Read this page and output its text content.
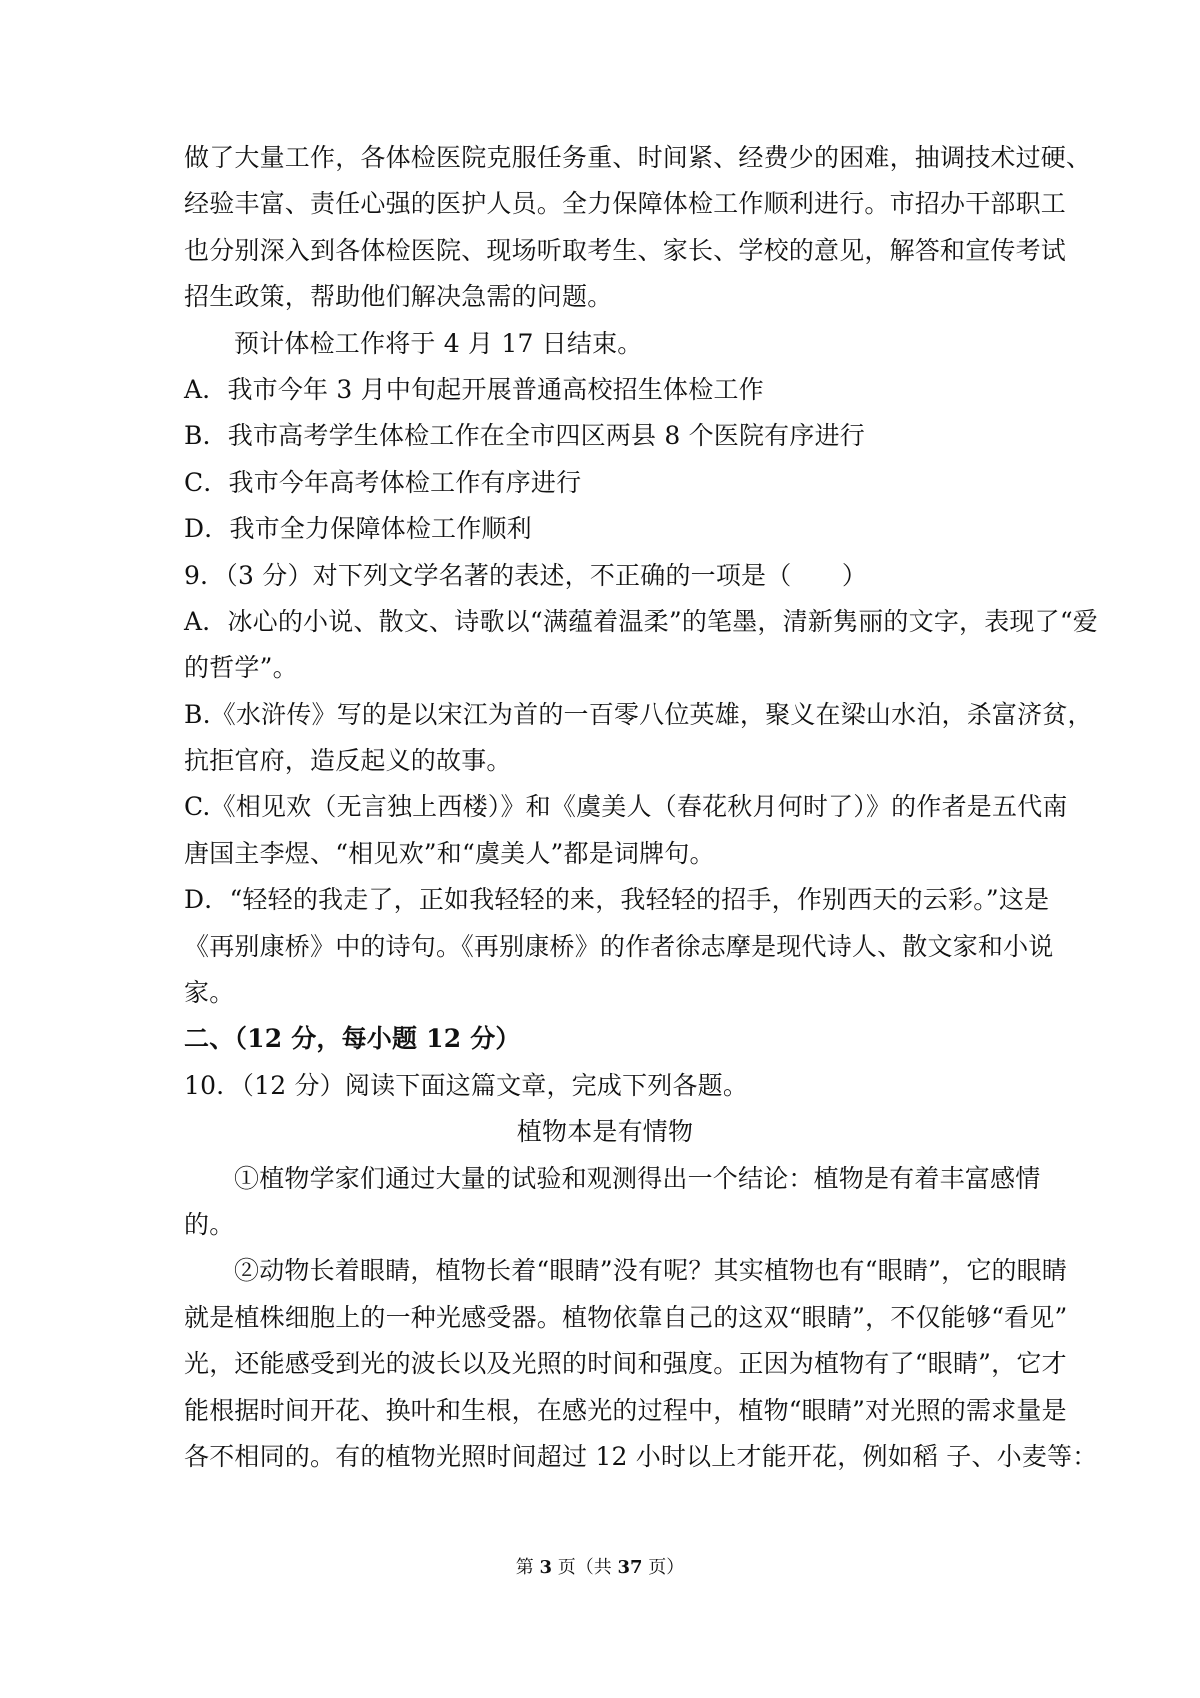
做了大量工作，各体检医院克服任务重、时间紧、经费少的困难，抽调技术过硬、
经验丰富、责任心强的医护人员。全力保障体检工作顺利进行。市招办干部职工
也分别深入到各体检医院、现场听取考生、家长、学校的意见，解答和宣传考试
招生政策，帮助他们解决急需的问题。
预计体检工作将于 4 月 17 日结束。
A．我市今年 3 月中旬起开展普通高校招生体检工作
B．我市高考学生体检工作在全市四区两县 8 个医院有序进行
C．我市今年高考体检工作有序进行
D．我市全力保障体检工作顺利
9．（3 分）对下列文学名著的表述，不正确的一项是（　　）
A．冰心的小说、散文、诗歌以“满蕴着温柔”的笔墨，清新隽丽的文字，表现了“爱
的哲学”。
B.《水浒传》写的是以宋江为首的一百零八位英雄，聚义在梁山水泊，杀富济贫，
抗拒官府，造反起义的故事。
C.《相见欢（无言独上西楼）》和《虞美人（春花秋月何时了）》的作者是五代南
唐国主李煜、“相见欢”和“虞美人”都是词牌句。
D．“轻轻的我走了，正如我轻轻的来，我轻轻的招手，作别西天的云彩。”这是
《再别康桥》中的诗句。《再别康桥》的作者徐志摩是现代诗人、散文家和小说
家。
二、（12 分，每小题 12 分）
10．（12 分）阅读下面这篇文章，完成下列各题。
植物本是有情物
①植物学家们通过大量的试验和观测得出一个结论：植物是有着丰富感情
的。
②动物长着眼睛，植物长着“眼睛”没有呢？其实植物也有“眼睛”，它的眼睛
就是植株细胞上的一种光感受器。植物依靠自己的这双“眼睛”，不仅能够“看见”
光，还能感受到光的波长以及光照的时间和强度。正因为植物有了“眼睛”，它才
能根据时间开花、换叶和生根，在感光的过程中，植物“眼睛”对光照的需求量是
各不相同的。有的植物光照时间超过 12 小时以上才能开花，例如稻 子、小麦等：
第 3 页（共 37 页）
